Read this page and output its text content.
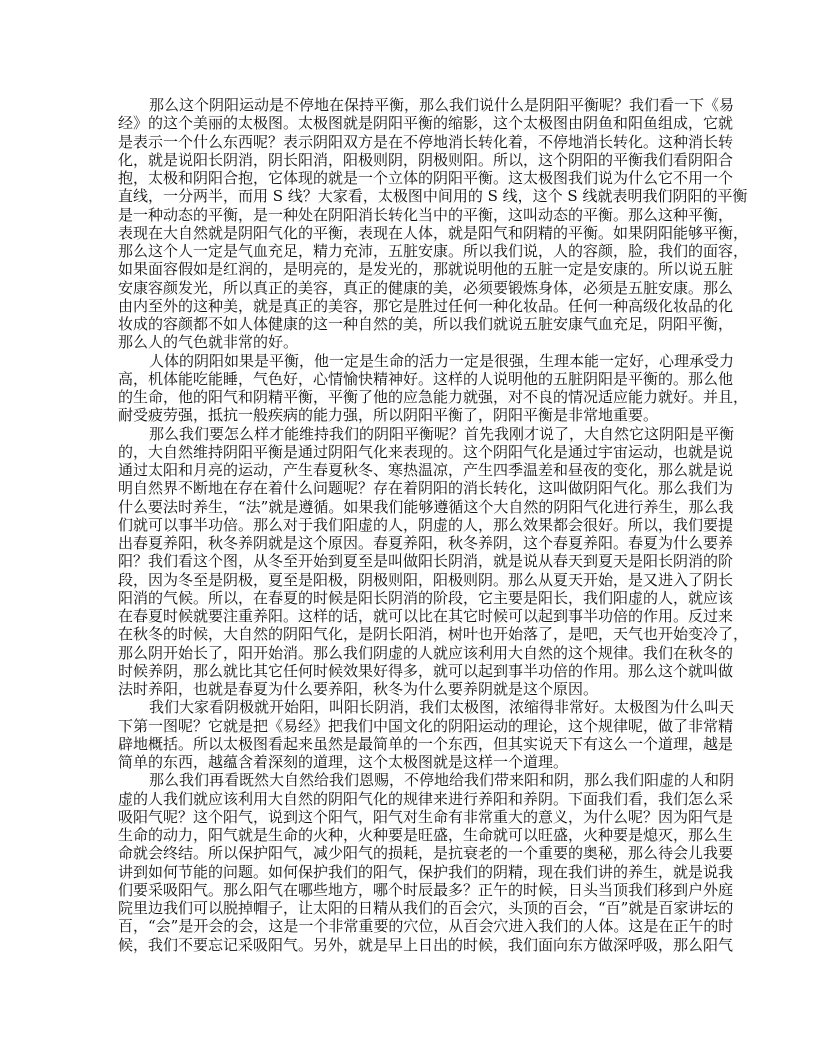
那么这个阴阳运动是不停地在保持平衡，那么我们说什么是阴阳平衡呢？我们看一下《易
经》的这个美丽的太极图。太极图就是阴阳平衡的缩影，这个太极图由阴鱼和阳鱼组成，它就
是表示一个什么东西呢？表示阴阳双方是在不停地消长转化着，不停地消长转化。这种消长转
化，就是说阳长阴消，阴长阳消，阳极则阴，阴极则阳。所以，这个阴阳的平衡我们看阴阳合
抱，太极和阴阳合抱，它体现的就是一个立体的阴阳平衡。这太极图我们说为什么它不用一个
直线，一分两半，而用 S 线？大家看，太极图中间用的 S 线，这个 S 线就表明我们阴阳的平衡
是一种动态的平衡，是一种处在阴阳消长转化当中的平衡，这叫动态的平衡。那么这种平衡，
表现在大自然就是阴阳气化的平衡，表现在人体，就是阳气和阴精的平衡。如果阴阳能够平衡，
那么这个人一定是气血充足，精力充沛，五脏安康。所以我们说，人的容颜，脸，我们的面容，
如果面容假如是红润的，是明亮的，是发光的，那就说明他的五脏一定是安康的。所以说五脏
安康容颜发光，所以真正的美容，真正的健康的美，必须要锻炼身体，必须是五脏安康。那么
由内至外的这种美，就是真正的美容，那它是胜过任何一种化妆品。任何一种高级化妆品的化
妆成的容颜都不如人体健康的这一种自然的美，所以我们就说五脏安康气血充足，阴阳平衡，
那么人的气色就非常的好。
人体的阴阳如果是平衡，他一定是生命的活力一定是很强，生理本能一定好，心理承受力
高，机体能吃能睡，气色好，心情愉快精神好。这样的人说明他的五脏阴阳是平衡的。那么他
的生命，他的阳气和阴精平衡，平衡了他的应急能力就强，对不良的情况适应能力就好。并且，
耐受疲劳强，抵抗一般疾病的能力强，所以阴阳平衡了，阴阳平衡是非常地重要。
那么我们要怎么样才能维持我们的阴阳平衡呢？首先我刚才说了，大自然它这阴阳是平衡
的，大自然维持阴阳平衡是通过阴阳气化来表现的。这个阴阳气化是通过宇宙运动，也就是说
通过太阳和月亮的运动，产生春夏秋冬、寒热温凉，产生四季温差和昼夜的变化，那么就是说
明自然界不断地在存在着什么问题呢？存在着阴阳的消长转化，这叫做阴阳气化。那么我们为
什么要法时养生，“法”就是遵循。如果我们能够遵循这个大自然的阴阳气化进行养生，那么我
们就可以事半功倍。那么对于我们阳虚的人，阴虚的人，那么效果都会很好。所以，我们要提
出春夏养阳，秋冬养阴就是这个原因。春夏养阳，秋冬养阴，这个春夏养阳。春夏为什么要养
阳？我们看这个图，从冬至开始到夏至是叫做阳长阴消，就是说从春天到夏天是阳长阴消的阶
段，因为冬至是阴极，夏至是阳极，阴极则阳，阳极则阴。那么从夏天开始，是又进入了阴长
阳消的气候。所以，在春夏的时候是阳长阴消的阶段，它主要是阳长，我们阳虚的人，就应该
在春夏时候就要注重养阳。这样的话，就可以比在其它时候可以起到事半功倍的作用。反过来
在秋冬的时候，大自然的阴阳气化，是阴长阳消，树叶也开始落了，是吧，天气也开始变冷了，
那么阴开始长了，阳开始消。那么我们阴虚的人就应该利用大自然的这个规律。我们在秋冬的
时候养阴，那么就比其它任何时候效果好得多，就可以起到事半功倍的作用。那么这个就叫做
法时养阳，也就是春夏为什么要养阳，秋冬为什么要养阴就是这个原因。
我们大家看阴极就开始阳，叫阳长阴消，我们太极图，浓缩得非常好。太极图为什么叫天
下第一图呢？它就是把《易经》把我们中国文化的阴阳运动的理论，这个规律呢，做了非常精
辟地概括。所以太极图看起来虽然是最简单的一个东西，但其实说天下有这么一个道理，越是
简单的东西，越蕴含着深刻的道理，这个太极图就是这样一个道理。
那么我们再看既然大自然给我们恩赐，不停地给我们带来阳和阴，那么我们阳虚的人和阴
虚的人我们就应该利用大自然的阴阳气化的规律来进行养阳和养阴。下面我们看，我们怎么采
吸阳气呢？这个阳气，说到这个阳气，阳气对生命有非常重大的意义，为什么呢？因为阳气是
生命的动力，阳气就是生命的火种，火种要是旺盛，生命就可以旺盛，火种要是熄灭，那么生
命就会终结。所以保护阳气，减少阳气的损耗，是抗衰老的一个重要的奥秘，那么待会儿我要
讲到如何节能的问题。如何保护我们的阳气，保护我们的阴精，现在我们讲的养生，就是说我
们要采吸阳气。那么阳气在哪些地方，哪个时辰最多？正午的时候，日头当顶我们移到户外庭
院里边我们可以脱掉帽子，让太阳的日精从我们的百会穴，头顶的百会，“百”就是百家讲坛的
百，“会”是开会的会，这是一个非常重要的穴位，从百会穴进入我们的人体。这是在正午的时
候，我们不要忘记采吸阳气。另外，就是早上日出的时候，我们面向东方做深呼吸，那么阳气
